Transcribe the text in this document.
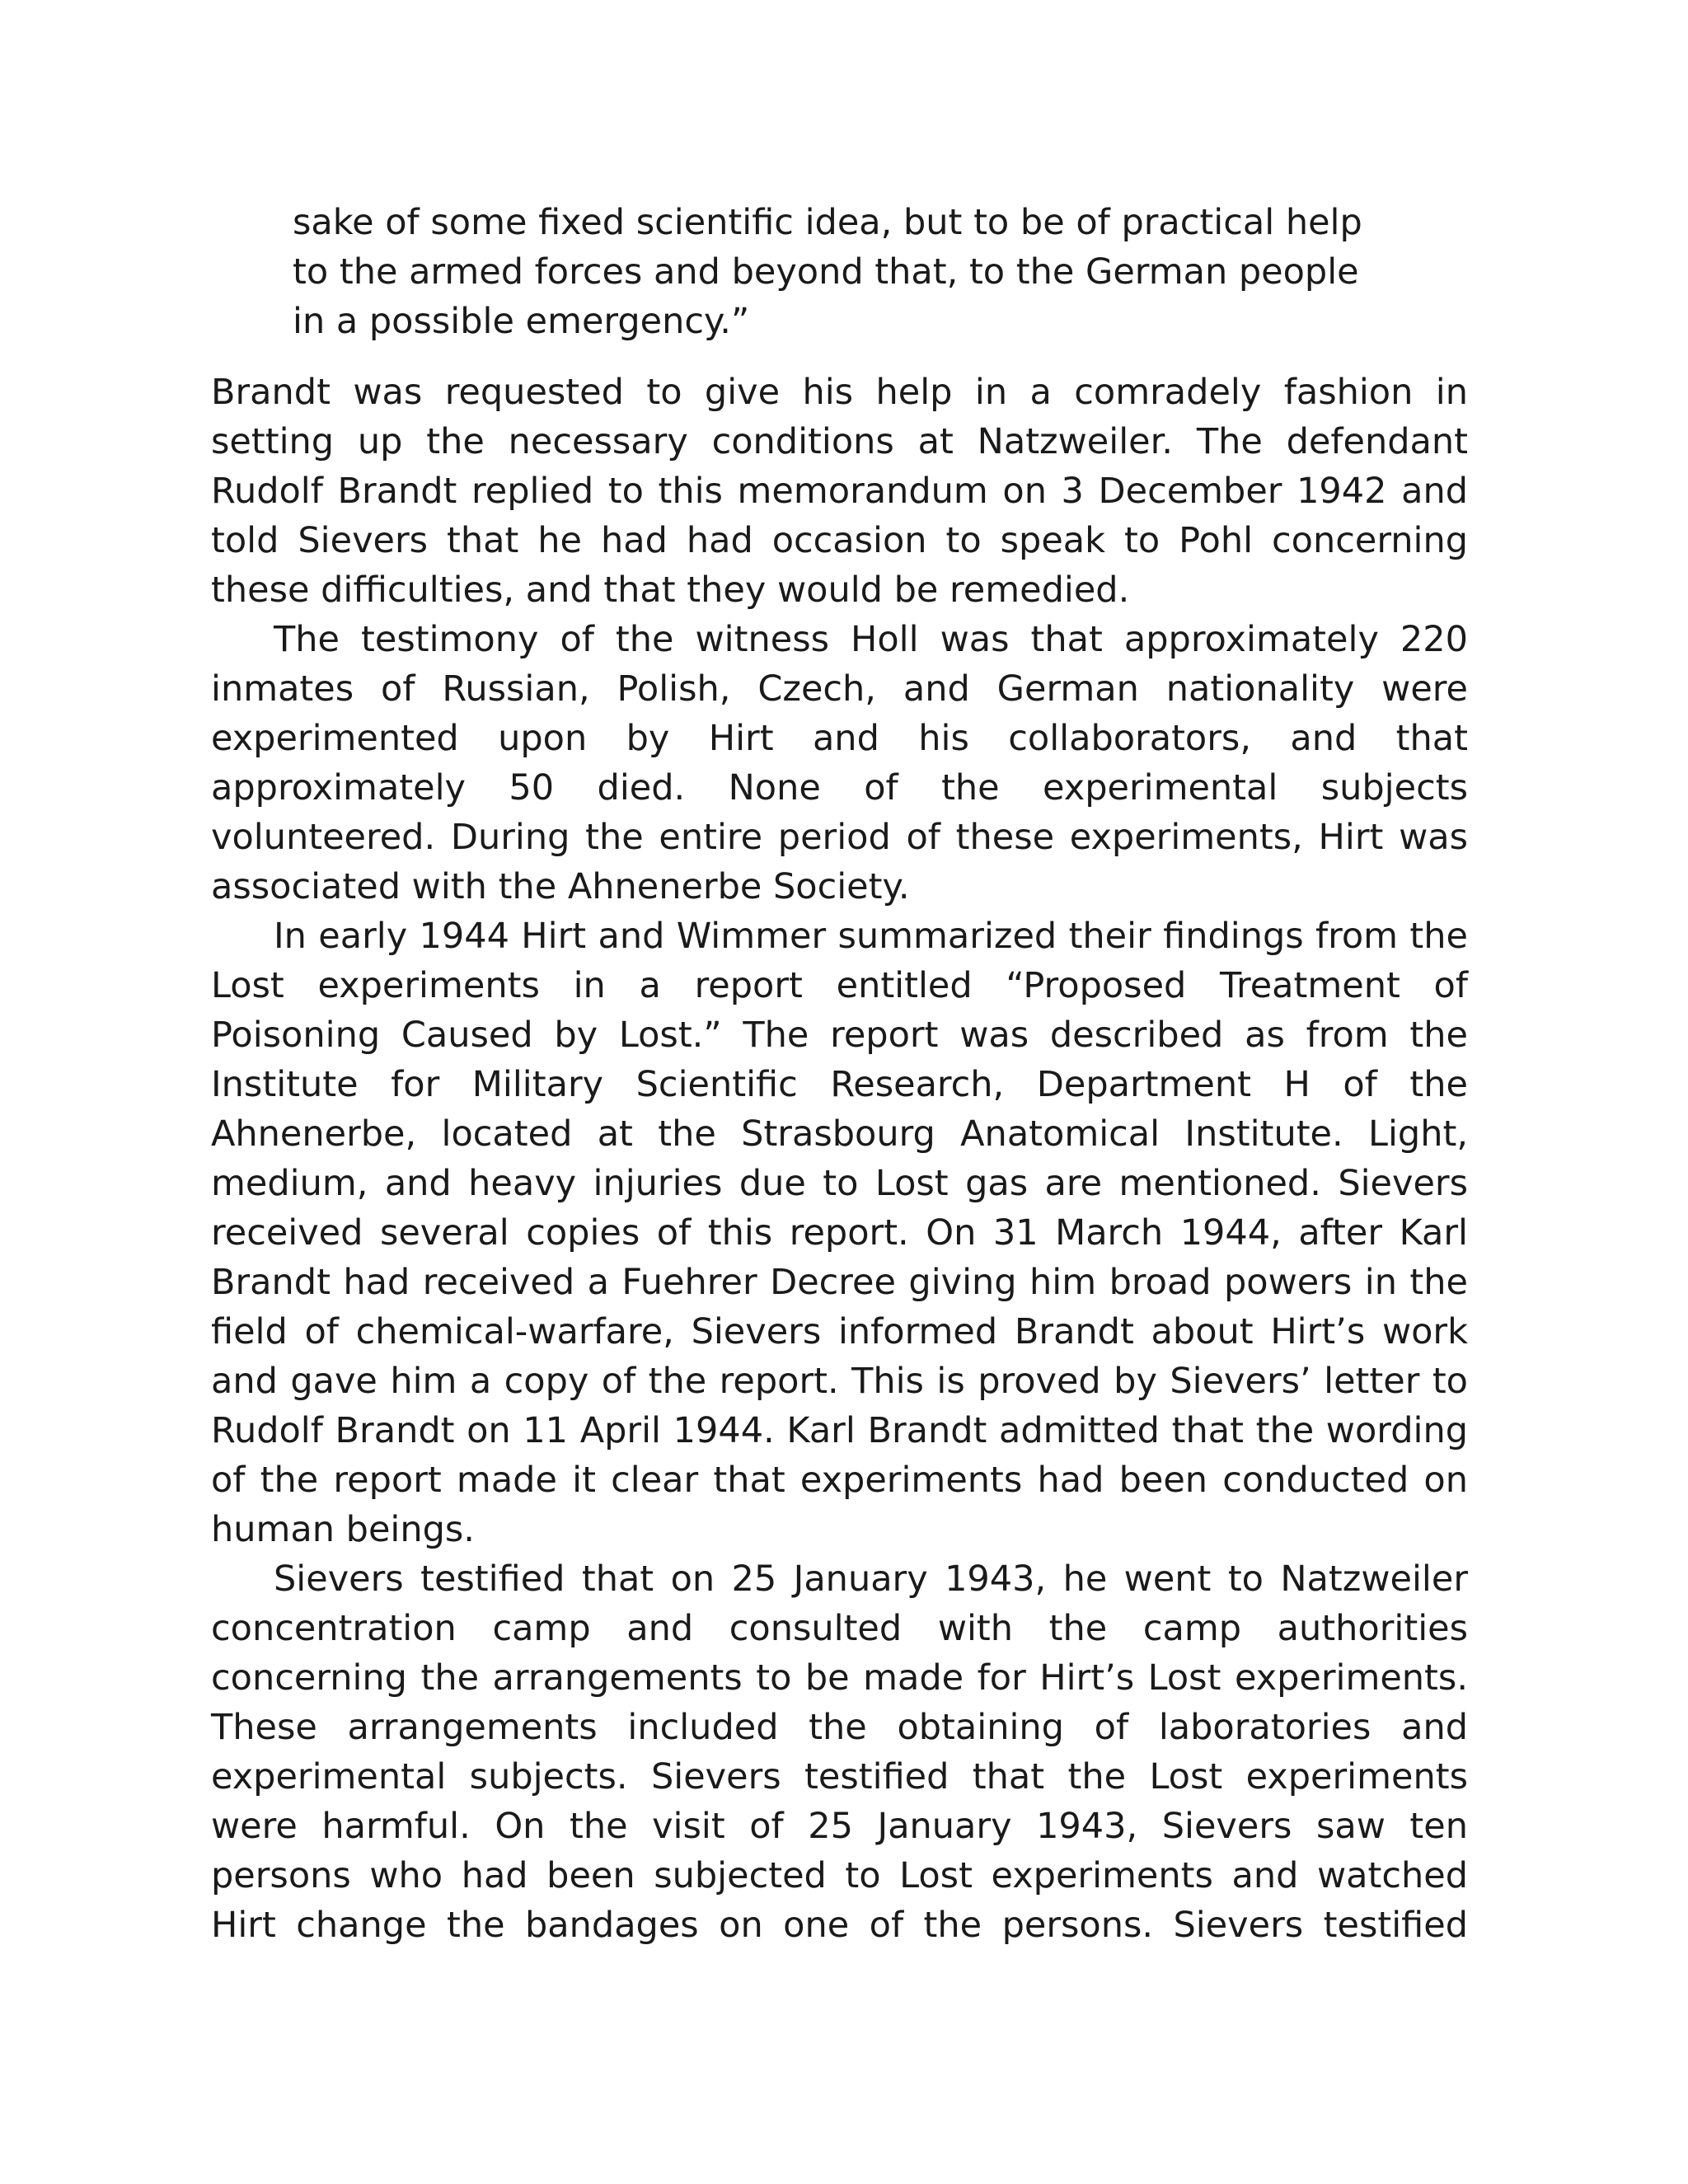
sake of some fixed scientific idea, but to be of practical help
to the armed forces and beyond that, to the German people
in a possible emergency.”

Brandt was requested to give his help in a comradely fashion in setting up the necessary conditions at Natzweiler. The defendant Rudolf Brandt replied to this memorandum on 3 December 1942 and told Sievers that he had had occasion to speak to Pohl concerning these difficulties, and that they would be remedied.

The testimony of the witness Holl was that approximately 220 inmates of Russian, Polish, Czech, and German nationality were experimented upon by Hirt and his collaborators, and that approximately 50 died. None of the experimental subjects volunteered. During the entire period of these experiments, Hirt was associated with the Ahnenerbe Society.

In early 1944 Hirt and Wimmer summarized their findings from the Lost experiments in a report entitled “Proposed Treatment of Poisoning Caused by Lost.” The report was described as from the Institute for Military Scientific Research, Department H of the Ahnenerbe, located at the Strasbourg Anatomical Institute. Light, medium, and heavy injuries due to Lost gas are mentioned. Sievers received several copies of this report. On 31 March 1944, after Karl Brandt had received a Fuehrer Decree giving him broad powers in the field of chemical-warfare, Sievers informed Brandt about Hirt’s work and gave him a copy of the report. This is proved by Sievers’ letter to Rudolf Brandt on 11 April 1944. Karl Brandt admitted that the wording of the report made it clear that experiments had been conducted on human beings.

Sievers testified that on 25 January 1943, he went to Natzweiler concentration camp and consulted with the camp authorities concerning the arrangements to be made for Hirt’s Lost experiments. These arrangements included the obtaining of laboratories and experimental subjects. Sievers testified that the Lost experiments were harmful. On the visit of 25 January 1943, Sievers saw ten persons who had been subjected to Lost experiments and watched Hirt change the bandages on one of the persons. Sievers testified
